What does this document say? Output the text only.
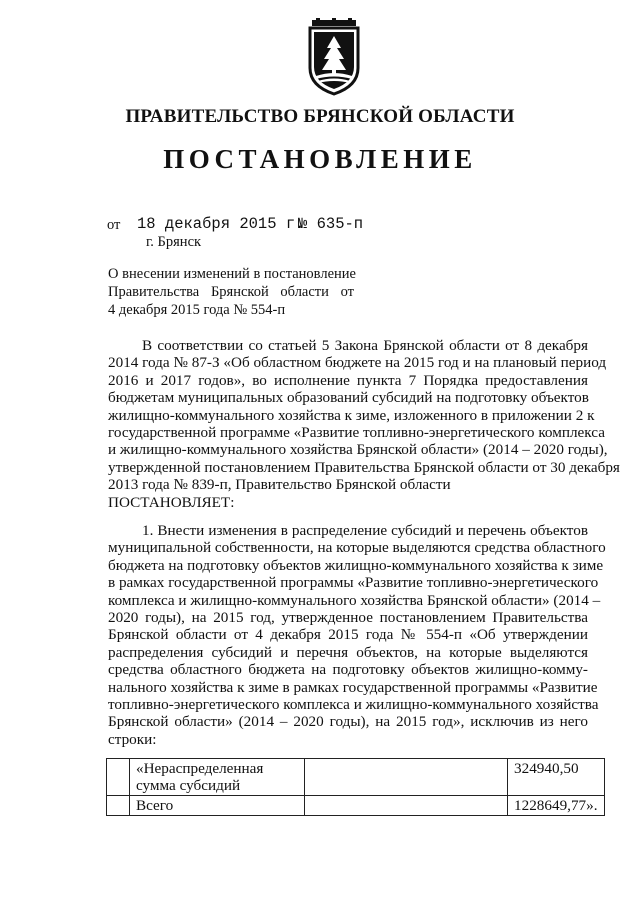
ПРАВИТЕЛЬСТВО БРЯНСКОЙ ОБЛАСТИ
ПОСТАНОВЛЕНИЕ
от 18 декабря 2015 г.
№ 635-п
г. Брянск
О внесении изменений в постановление
Правительства Брянской области от
4 декабря 2015 года № 554-п
В соответствии со статьей 5 Закона Брянской области от 8 декабря
2014 года № 87-З «Об областном бюджете на 2015 год и на плановый период
2016 и 2017 годов», во исполнение пункта 7 Порядка предоставления
бюджетам муниципальных образований субсидий на подготовку объектов
жилищно-коммунального хозяйства к зиме, изложенного в приложении 2 к
государственной программе «Развитие топливно-энергетического комплекса
и жилищно-коммунального хозяйства Брянской области» (2014 – 2020 годы),
утвержденной постановлением Правительства Брянской области от 30 декабря
2013 года № 839-п, Правительство Брянской области
ПОСТАНОВЛЯЕТ:
1. Внести изменения в распределение субсидий и перечень объектов
муниципальной собственности, на которые выделяются средства областного
бюджета на подготовку объектов жилищно-коммунального хозяйства к зиме
в рамках государственной программы «Развитие топливно-энергетического
комплекса и жилищно-коммунального хозяйства Брянской области» (2014 –
2020 годы), на 2015 год, утвержденное постановлением Правительства
Брянской области от 4 декабря 2015 года № 554-п «Об утверждении
распределения субсидий и перечня объектов, на которые выделяются
средства областного бюджета на подготовку объектов жилищно-комму-
нального хозяйства к зиме в рамках государственной программы «Развитие
топливно-энергетического комплекса и жилищно-коммунального хозяйства
Брянской области» (2014 – 2020 годы), на 2015 год», исключив из него
строки:

	«Нераспределенная
сумма субсидий		324940,50
	Всего		1228649,77».
